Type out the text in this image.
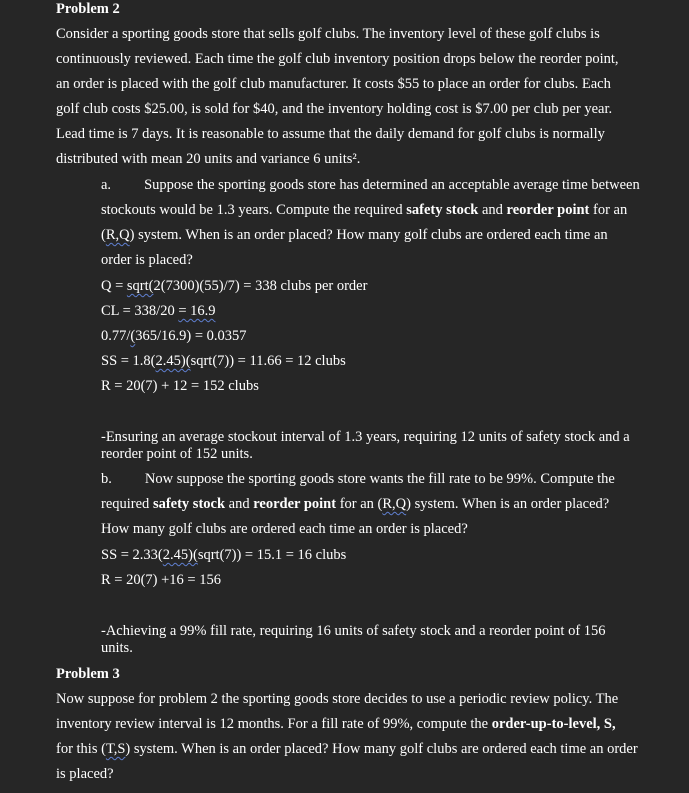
Problem 2
Consider a sporting goods store that sells golf clubs. The inventory level of these golf clubs is
continuously reviewed. Each time the golf club inventory position drops below the reorder point,
an order is placed with the golf club manufacturer. It costs $55 to place an order for clubs. Each
golf club costs $25.00, is sold for $40, and the inventory holding cost is $7.00 per club per year.
Lead time is 7 days. It is reasonable to assume that the daily demand for golf clubs is normally
distributed with mean 20 units and variance 6 units².
a. Suppose the sporting goods store has determined an acceptable average time between
stockouts would be 1.3 years. Compute the required safety stock and reorder point for an
(R,Q) system. When is an order placed? How many golf clubs are ordered each time an
order is placed?
Q = sqrt(2(7300)(55)/7) = 338 clubs per order
CL = 338/20 = 16.9
0.77/(365/16.9) = 0.0357
SS = 1.8(2.45)(sqrt(7)) = 11.66 = 12 clubs
R = 20(7) + 12 = 152 clubs
-Ensuring an average stockout interval of 1.3 years, requiring 12 units of safety stock and a
reorder point of 152 units.
b. Now suppose the sporting goods store wants the fill rate to be 99%. Compute the
required safety stock and reorder point for an (R,Q) system. When is an order placed?
How many golf clubs are ordered each time an order is placed?
SS = 2.33(2.45)(sqrt(7)) = 15.1 = 16 clubs
R = 20(7) +16 = 156
-Achieving a 99% fill rate, requiring 16 units of safety stock and a reorder point of 156
units.
Problem 3
Now suppose for problem 2 the sporting goods store decides to use a periodic review policy. The
inventory review interval is 12 months. For a fill rate of 99%, compute the order-up-to-level, S,
for this (T,S) system. When is an order placed? How many golf clubs are ordered each time an order
is placed?
